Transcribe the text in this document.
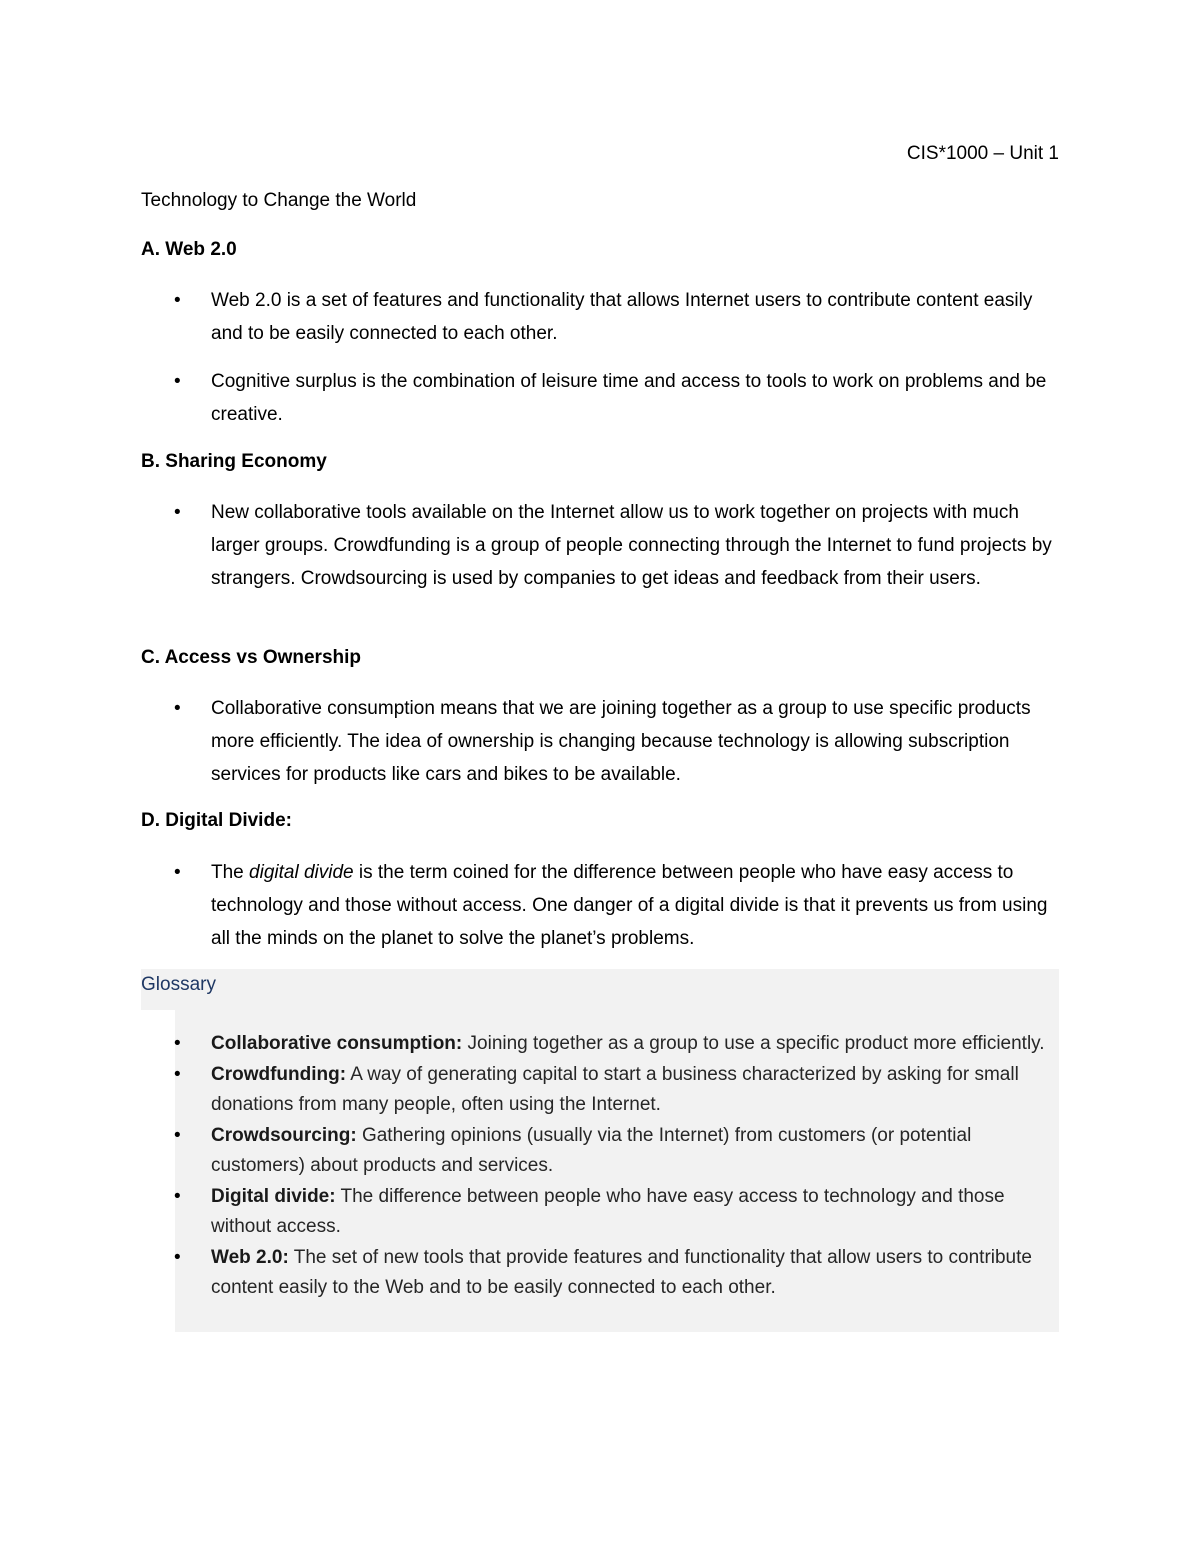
CIS*1000 – Unit 1
Technology to Change the World
A. Web 2.0
• Web 2.0 is a set of features and functionality that allows Internet users to contribute content easily and to be easily connected to each other.
• Cognitive surplus is the combination of leisure time and access to tools to work on problems and be creative.
B. Sharing Economy
• New collaborative tools available on the Internet allow us to work together on projects with much larger groups. Crowdfunding is a group of people connecting through the Internet to fund projects by strangers. Crowdsourcing is used by companies to get ideas and feedback from their users.
C. Access vs Ownership
• Collaborative consumption means that we are joining together as a group to use specific products more efficiently. The idea of ownership is changing because technology is allowing subscription services for products like cars and bikes to be available.
D. Digital Divide:
• The digital divide is the term coined for the difference between people who have easy access to technology and those without access. One danger of a digital divide is that it prevents us from using all the minds on the planet to solve the planet’s problems.
Glossary
• Collaborative consumption: Joining together as a group to use a specific product more efficiently.
• Crowdfunding: A way of generating capital to start a business characterized by asking for small donations from many people, often using the Internet.
• Crowdsourcing: Gathering opinions (usually via the Internet) from customers (or potential customers) about products and services.
• Digital divide: The difference between people who have easy access to technology and those without access.
• Web 2.0: The set of new tools that provide features and functionality that allow users to contribute content easily to the Web and to be easily connected to each other.
